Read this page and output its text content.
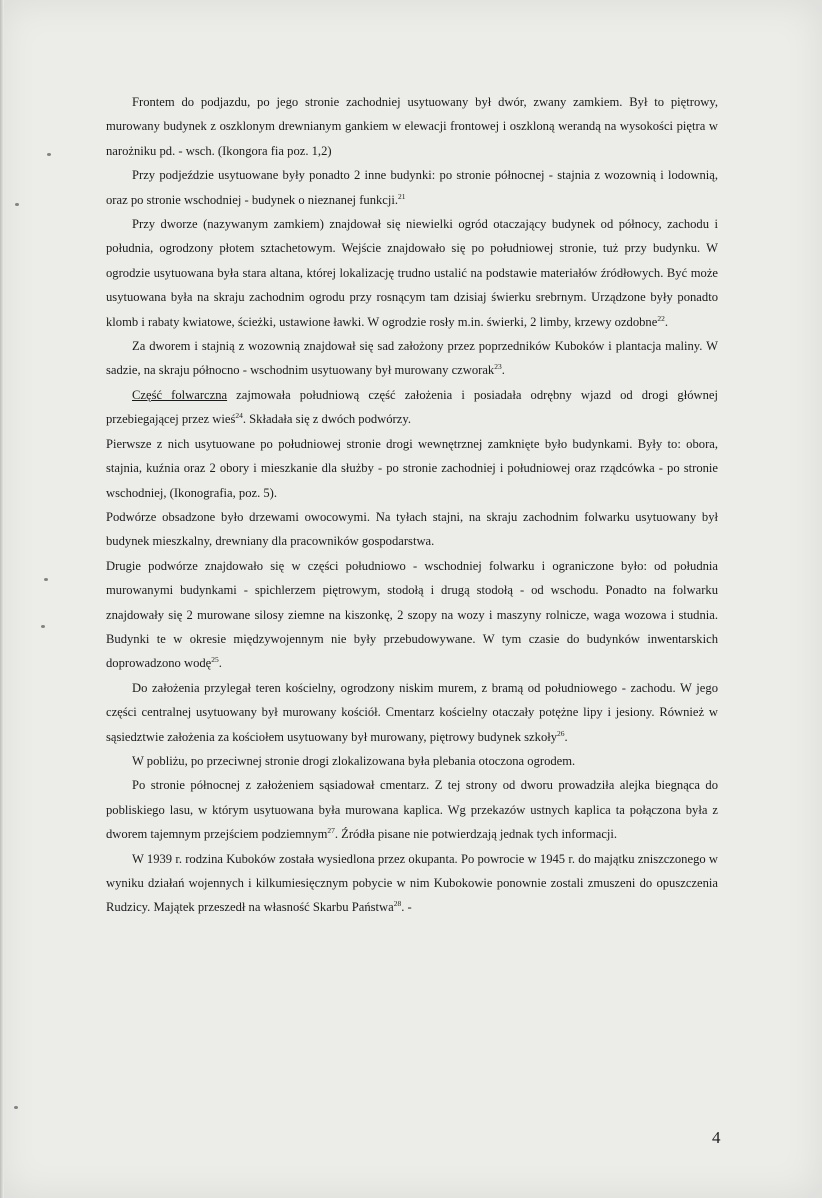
Frontem do podjazdu, po jego stronie zachodniej usytuowany był dwór, zwany zamkiem. Był to piętrowy, murowany budynek z oszklonym drewnianym gankiem w elewacji frontowej i oszkloną werandą na wysokości piętra w narożniku pd. - wsch. (Ikongora fia poz. 1,2)

Przy podjeździe usytuowane były ponadto 2 inne budynki: po stronie północnej - stajnia z wozownią i lodownią, oraz po stronie wschodniej - budynek o nieznanej funkcji.$^{21}$

Przy dworze (nazywanym zamkiem) znajdował się niewielki ogród otaczający budynek od północy, zachodu i południa, ogrodzony płotem sztachetowym. Wejście znajdowało się po południowej stronie, tuż przy budynku. W ogrodzie usytuowana była stara altana, której lokalizację trudno ustalić na podstawie materiałów źródłowych. Być może usytuowana była na skraju zachodnim ogrodu przy rosnącym tam dzisiaj świerku srebrnym. Urządzone były ponadto klomb i rabaty kwiatowe, ścieżki, ustawione ławki. W ogrodzie rosły m.in. świerki, 2 limby, krzewy ozdobne$^{22}$.

Za dworem i stajnią z wozownią znajdował się sad założony przez poprzedników Kuboków i plantacja maliny. W sadzie, na skraju północno - wschodnim usytuowany był murowany czworak$^{23}$.

Część folwarczna zajmowała południową część założenia i posiadała odrębny wjazd od drogi głównej przebiegającej przez wieś$^{24}$. Składała się z dwóch podwórzy.

Pierwsze z nich usytuowane po południowej stronie drogi wewnętrznej zamknięte było budynkami. Były to: obora, stajnia, kuźnia oraz 2 obory i mieszkanie dla służby - po stronie zachodniej i południowej oraz rządcówka - po stronie wschodniej, (Ikonografia, poz. 5).

Podwórze obsadzone było drzewami owocowymi. Na tyłach stajni, na skraju zachodnim folwarku usytuowany był budynek mieszkalny, drewniany dla pracowników gospodarstwa.

Drugie podwórze znajdowało się w części południowo - wschodniej folwarku i ograniczone było: od południa murowanymi budynkami - spichlerzem piętrowym, stodołą i drugą stodołą - od wschodu. Ponadto na folwarku znajdowały się 2 murowane silosy ziemne na kiszonkę, 2 szopy na wozy i maszyny rolnicze, waga wozowa i studnia. Budynki te w okresie międzywojennym nie były przebudowywane. W tym czasie do budynków inwentarskich doprowadzono wodę$^{25}$.

Do założenia przylegał teren kościelny, ogrodzony niskim murem, z bramą od południowego - zachodu. W jego części centralnej usytuowany był murowany kościół. Cmentarz kościelny otaczały potężne lipy i jesiony. Również w sąsiedztwie założenia za kościołem usytuowany był murowany, piętrowy budynek szkoły$^{26}$.

W pobliżu, po przeciwnej stronie drogi zlokalizowana była plebania otoczona ogrodem.

Po stronie północnej z założeniem sąsiadował cmentarz. Z tej strony od dworu prowadziła alejka biegnąca do pobliskiego lasu, w którym usytuowana była murowana kaplica. Wg przekazów ustnych kaplica ta połączona była z dworem tajemnym przejściem podziemnym$^{27}$. Źródła pisane nie potwierdzają jednak tych informacji.

W 1939 r. rodzina Kuboków została wysiedlona przez okupanta. Po powrocie w 1945 r. do majątku zniszczonego w wyniku działań wojennych i kilkumiesięcznym pobycie w nim Kubokowie ponownie zostali zmuszeni do opuszczenia Rudzicy. Majątek przeszedł na własność Skarbu Państwa$^{28}$. -

4
